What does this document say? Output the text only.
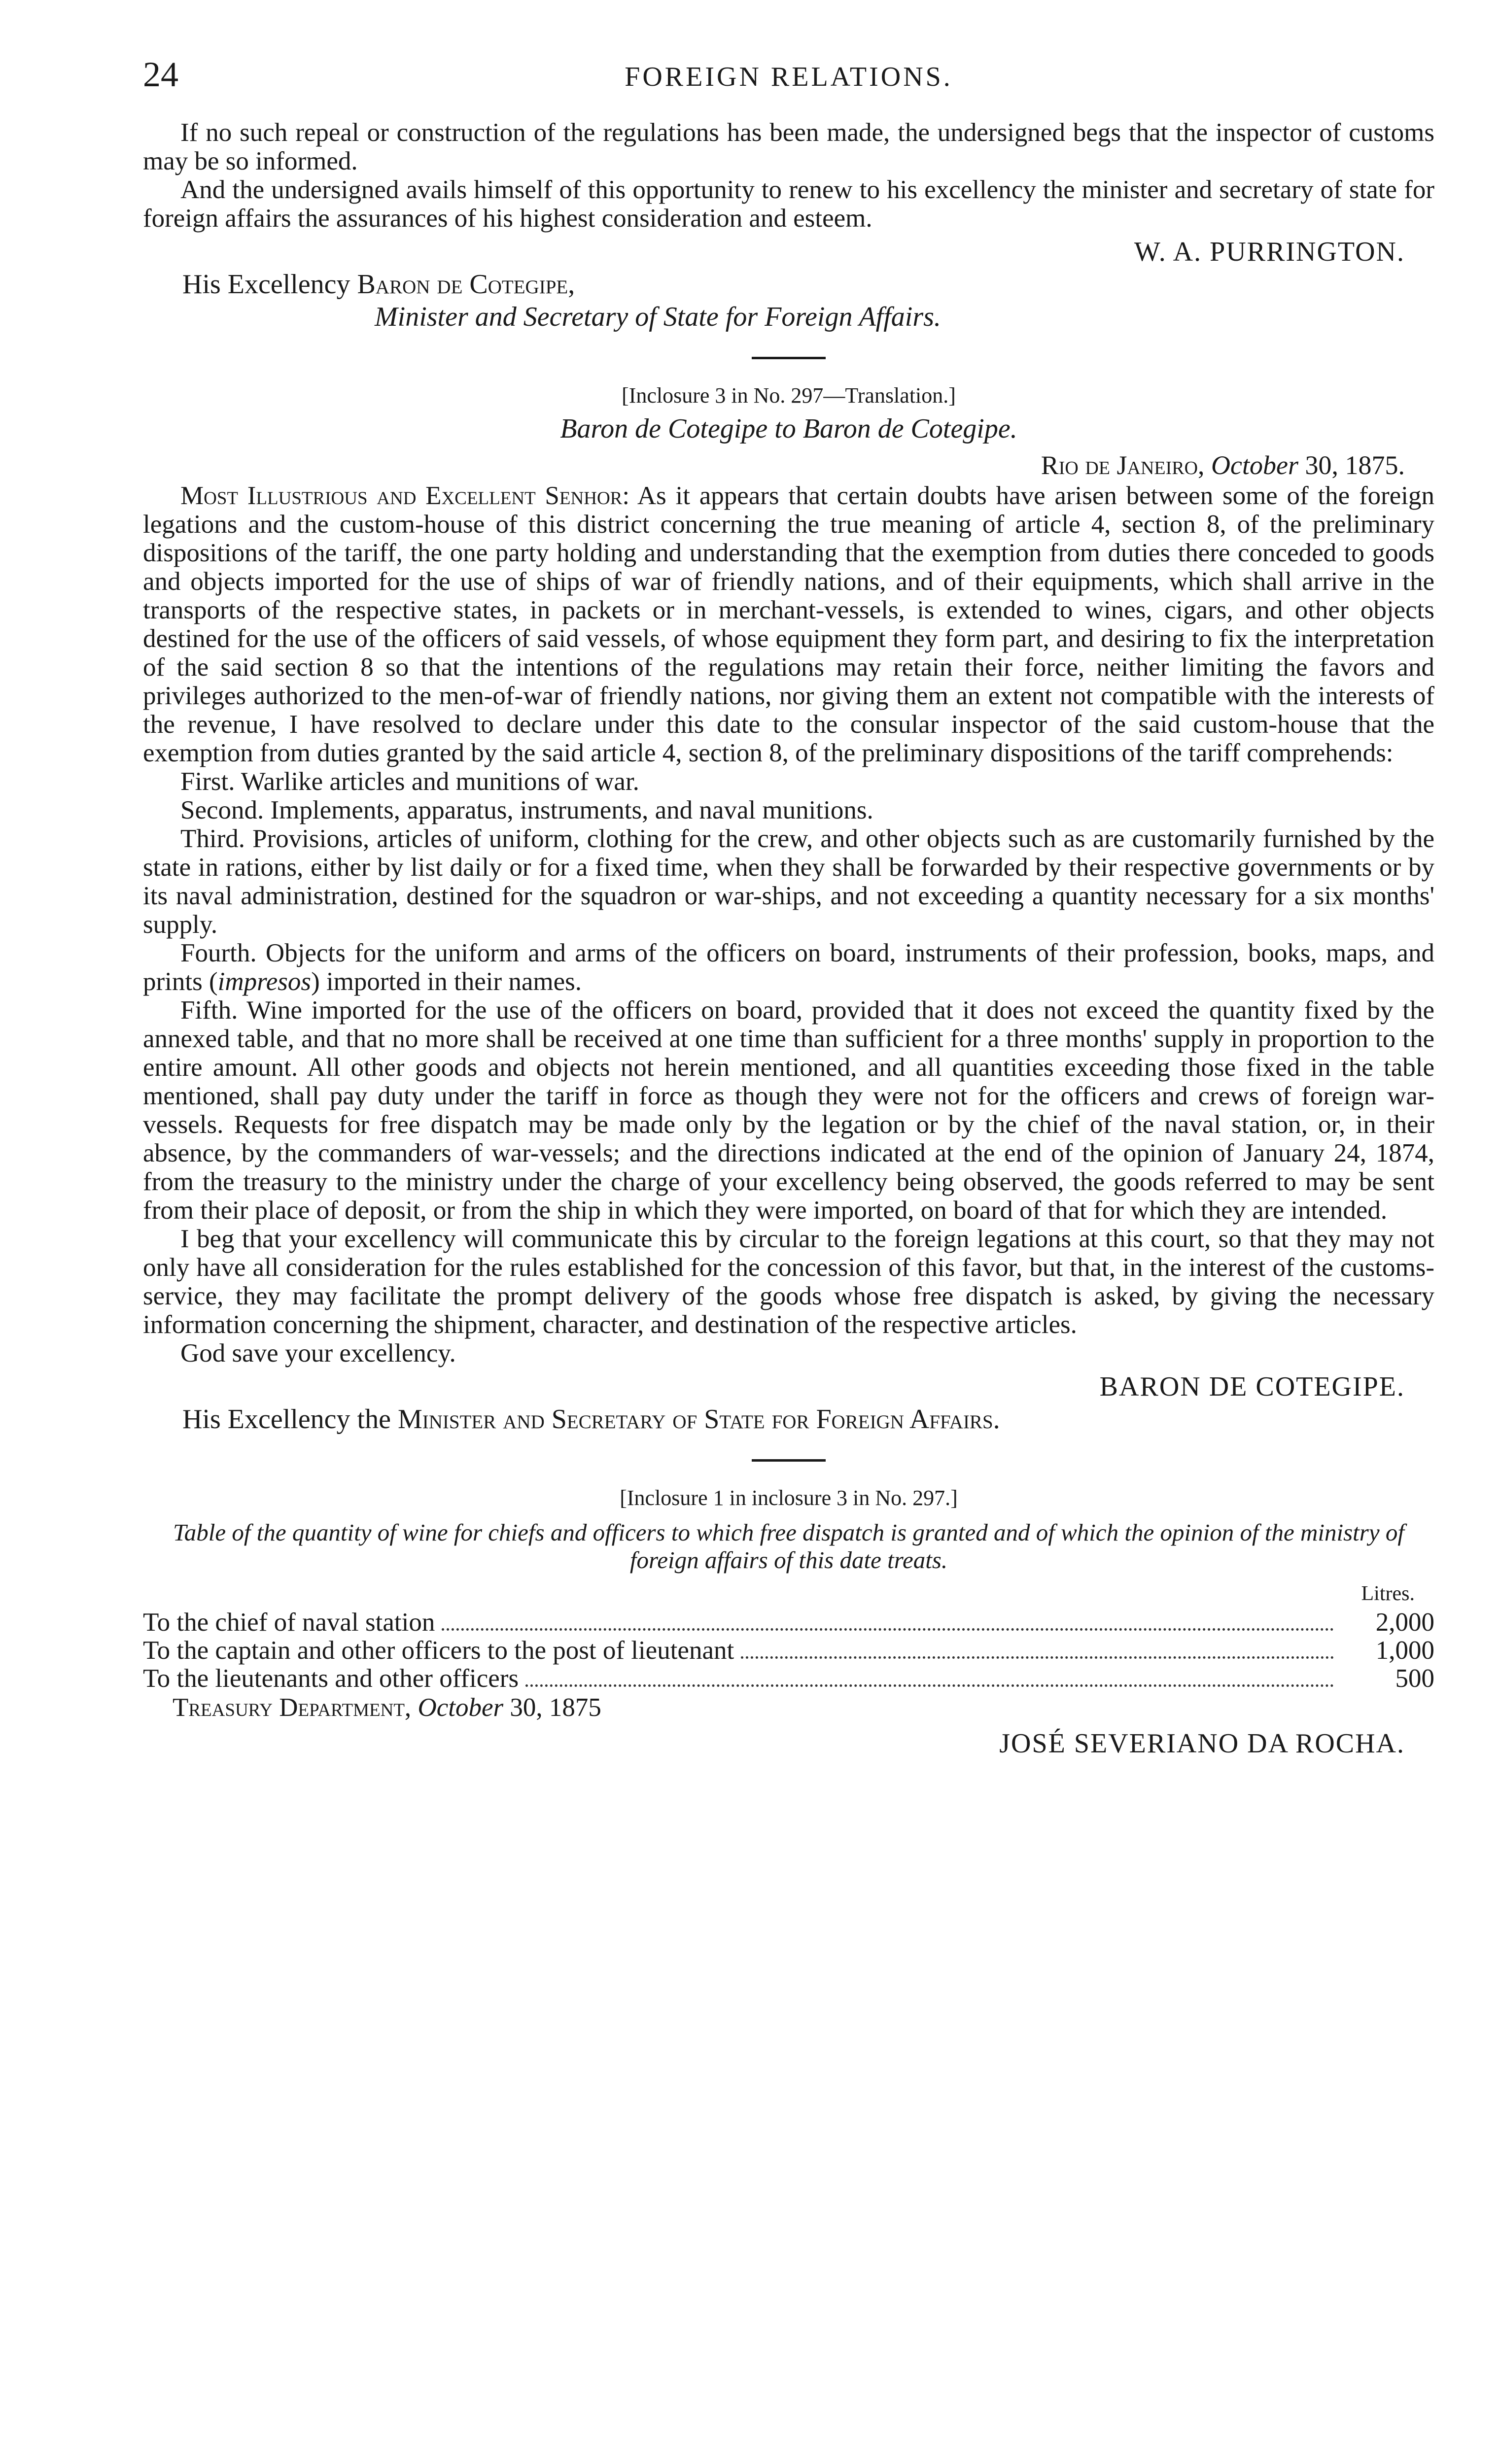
24	FOREIGN RELATIONS.

If no such repeal or construction of the regulations has been made, the undersigned begs that the inspector of customs may be so informed.

And the undersigned avails himself of this opportunity to renew to his excellency the minister and secretary of state for foreign affairs the assurances of his highest consideration and esteem.

W. A. PURRINGTON.
His Excellency Baron de Cotegipe,
Minister and Secretary of State for Foreign Affairs.
[Inclosure 3 in No. 297—Translation.]
Baron de Cotegipe to Baron de Cotegipe.
Rio de Janeiro, October 30, 1875.

Most Illustrious and Excellent Senhor: As it appears that certain doubts have arisen between some of the foreign legations and the custom-house of this district concerning the true meaning of article 4, section 8, of the preliminary dispositions of the tariff, the one party holding and understanding that the exemption from duties there conceded to goods and objects imported for the use of ships of war of friendly nations, and of their equipments, which shall arrive in the transports of the respective states, in packets or in merchant-vessels, is extended to wines, cigars, and other objects destined for the use of the officers of said vessels, of whose equipment they form part, and desiring to fix the interpretation of the said section 8 so that the intentions of the regulations may retain their force, neither limiting the favors and privileges authorized to the men-of-war of friendly nations, nor giving them an extent not compatible with the interests of the revenue, I have resolved to declare under this date to the consular inspector of the said custom-house that the exemption from duties granted by the said article 4, section 8, of the preliminary dispositions of the tariff comprehends:

First. Warlike articles and munitions of war.

Second. Implements, apparatus, instruments, and naval munitions.

Third. Provisions, articles of uniform, clothing for the crew, and other objects such as are customarily furnished by the state in rations, either by list daily or for a fixed time, when they shall be forwarded by their respective governments or by its naval administration, destined for the squadron or war-ships, and not exceeding a quantity necessary for a six months' supply.

Fourth. Objects for the uniform and arms of the officers on board, instruments of their profession, books, maps, and prints (impresos) imported in their names.

Fifth. Wine imported for the use of the officers on board, provided that it does not exceed the quantity fixed by the annexed table, and that no more shall be received at one time than sufficient for a three months' supply in proportion to the entire amount. All other goods and objects not herein mentioned, and all quantities exceeding those fixed in the table mentioned, shall pay duty under the tariff in force as though they were not for the officers and crews of foreign war-vessels. Requests for free dispatch may be made only by the legation or by the chief of the naval station, or, in their absence, by the commanders of war-vessels; and the directions indicated at the end of the opinion of January 24, 1874, from the treasury to the ministry under the charge of your excellency being observed, the goods referred to may be sent from their place of deposit, or from the ship in which they were imported, on board of that for which they are intended.

I beg that your excellency will communicate this by circular to the foreign legations at this court, so that they may not only have all consideration for the rules established for the concession of this favor, but that, in the interest of the customs-service, they may facilitate the prompt delivery of the goods whose free dispatch is asked, by giving the necessary information concerning the shipment, character, and destination of the respective articles.

God save your excellency.

BARON DE COTEGIPE.
His Excellency the Minister and Secretary of State for Foreign Affairs.
[Inclosure 1 in inclosure 3 in No. 297.]
Table of the quantity of wine for chiefs and officers to which free dispatch is granted and of which the opinion of the ministry of foreign affairs of this date treats.
Litres.
To the chief of naval station	2,000
To the captain and other officers to the post of lieutenant	1,000
To the lieutenants and other officers	500
Treasury Department, October 30, 1875
JOSÉ SEVERIANO DA ROCHA.
